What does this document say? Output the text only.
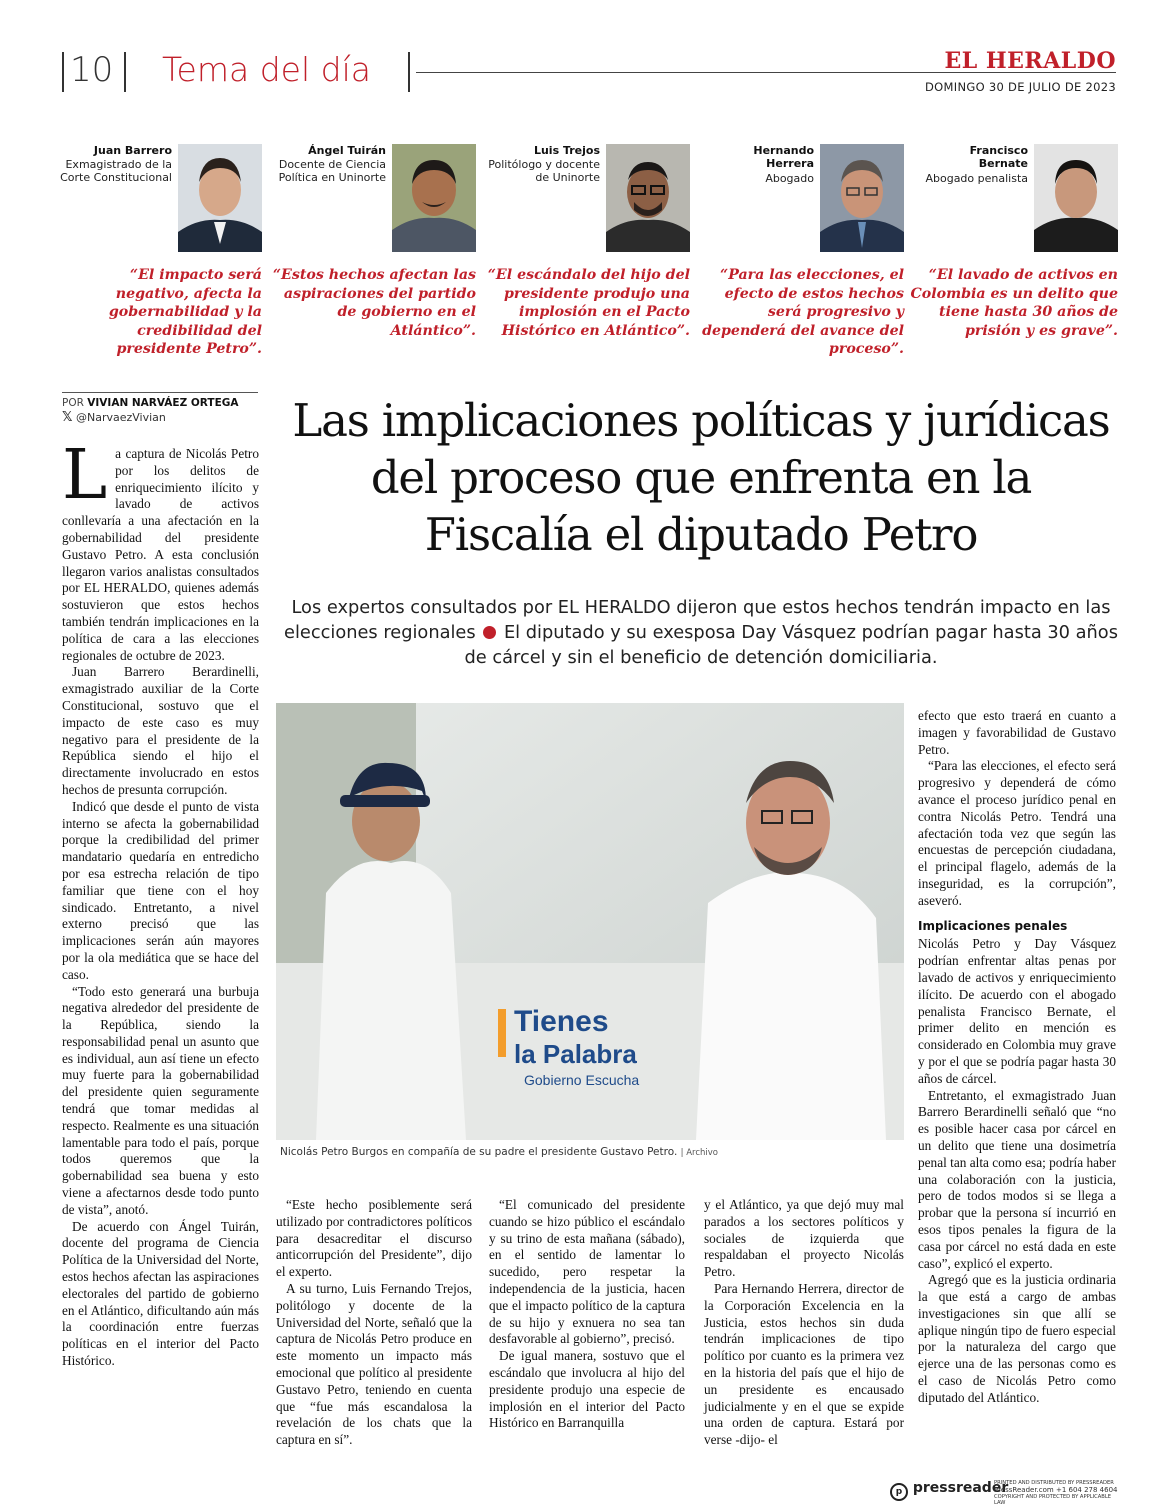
10 Tema del día	EL HERALDO
DOMINGO 30 DE JULIO DE 2023
Juan Barrero
Exmagistrado de la Corte Constitucional
“El impacto será negativo, afecta la gobernabilidad y la credibilidad del presidente Petro”.
Ángel Tuirán
Docente de Ciencia Política en Uninorte
“Estos hechos afectan las aspiraciones del partido de gobierno en el Atlántico”.
Luis Trejos
Politólogo y docente de Uninorte
“El escándalo del hijo del presidente produjo una implosión en el Pacto Histórico en Atlántico”.
Hernando Herrera
Abogado
“Para las elecciones, el efecto de estos hechos será progresivo y dependerá del avance del proceso”.
Francisco Bernate
Abogado penalista
“El lavado de activos en Colombia es un delito que tiene hasta 30 años de prisión y es grave”.
POR VIVIAN NARVÁEZ ORTEGA
𝕏 @NarvaezVivian	Las implicaciones políticas y jurídicas del proceso que enfrenta en la Fiscalía el diputado Petro
Los expertos consultados por EL HERALDO dijeron que estos hechos tendrán impacto en las elecciones regionales El diputado y su exesposa Day Vásquez podrían pagar hasta 30 años de cárcel y sin el beneficio de detención domiciliaria.

La captura de Nicolás Petro por los delitos de enriquecimiento ilícito y lavado de activos conllevaría a una afectación en la gobernabilidad del presidente Gustavo Petro. A esta conclusión llegaron varios analistas consultados por EL HERALDO, quienes además sostuvieron que estos hechos también tendrán implicaciones en la política de cara a las elecciones regionales de octubre de 2023.

Juan Barrero Berardinelli, exmagistrado auxiliar de la Corte Constitucional, sostuvo que el impacto de este caso es muy negativo para el presidente de la República siendo el hijo el directamente involucrado en estos hechos de presunta corrupción.

Indicó que desde el punto de vista interno se afecta la gobernabilidad porque la credibilidad del primer mandatario quedaría en entredicho por esa estrecha relación de tipo familiar que tiene con el hoy sindicado. Entretanto, a nivel externo precisó que las implicaciones serán aún mayores por la ola mediática que se hace del caso.

“Todo esto generará una burbuja negativa alrededor del presidente de la República, siendo la responsabilidad penal un asunto que es individual, aun así tiene un efecto muy fuerte para la gobernabilidad del presidente quien seguramente tendrá que tomar medidas al respecto. Realmente es una situación lamentable para todo el país, porque todos queremos que la gobernabilidad sea buena y esto viene a afectarnos desde todo punto de vista”, anotó.

De acuerdo con Ángel Tuirán, docente del programa de Ciencia Política de la Universidad del Norte, estos hechos afectan las aspiraciones electorales del partido de gobierno en el Atlántico, dificultando aún más la coordinación entre fuerzas políticas en el interior del Pacto Histórico.

Tienes
la Palabra
Gobierno Escucha
Nicolás Petro Burgos en compañía de su padre el presidente Gustavo Petro. | Archivo

“Este hecho posiblemente será utilizado por contradictores políticos para desacreditar el discurso anticorrupción del Presidente”, dijo el experto.

A su turno, Luis Fernando Trejos, politólogo y docente de la Universidad del Norte, señaló que la captura de Nicolás Petro produce en este momento un impacto más emocional que político al presidente Gustavo Petro, teniendo en cuenta que “fue más escandalosa la revelación de los chats que la captura en sí”.

“El comunicado del presidente cuando se hizo público el escándalo y su trino de esta mañana (sábado), en el sentido de lamentar lo sucedido, pero respetar la independencia de la justicia, hacen que el impacto político de la captura de su hijo y exnuera no sea tan desfavorable al gobierno”, precisó.

De igual manera, sostuvo que el escándalo que involucra al hijo del presidente produjo una especie de implosión en el interior del Pacto Histórico en Barranquilla

y el Atlántico, ya que dejó muy mal parados a los sectores políticos y sociales de izquierda que respaldaban el proyecto Nicolás Petro.

Para Hernando Herrera, director de la Corporación Excelencia en la Justicia, estos hechos sin duda tendrán implicaciones de tipo político por cuanto es la primera vez en la historia del país que el hijo de un presidente es encausado judicialmente y en el que se expide una orden de captura. Estará por verse -dijo- el

efecto que esto traerá en cuanto a imagen y favorabilidad de Gustavo Petro.

“Para las elecciones, el efecto será progresivo y dependerá de cómo avance el proceso jurídico penal en contra Nicolás Petro. Tendrá una afectación toda vez que según las encuestas de percepción ciudadana, el principal flagelo, además de la inseguridad, es la corrupción”, aseveró.

Implicaciones penales

Nicolás Petro y Day Vásquez podrían enfrentar altas penas por lavado de activos y enriquecimiento ilícito. De acuerdo con el abogado penalista Francisco Bernate, el primer delito en mención es considerado en Colombia muy grave y por el que se podría pagar hasta 30 años de cárcel.

Entretanto, el exmagistrado Juan Barrero Berardinelli señaló que “no es posible hacer casa por cárcel en un delito que tiene una dosimetría penal tan alta como esa; podría haber una colaboración con la justicia, pero de todos modos si se llega a probar que la persona sí incurrió en esos tipos penales la figura de la casa por cárcel no está dada en este caso”, explicó el experto.

Agregó que es la justicia ordinaria la que está a cargo de ambas investigaciones sin que allí se aplique ningún tipo de fuero especial por la naturaleza del cargo que ejerce una de las personas como es el caso de Nicolás Petro como diputado del Atlántico.

p pressreader
PRINTED AND DISTRIBUTED BY PRESSREADER
PressReader.com +1 604 278 4604
COPYRIGHT AND PROTECTED BY APPLICABLE LAW
